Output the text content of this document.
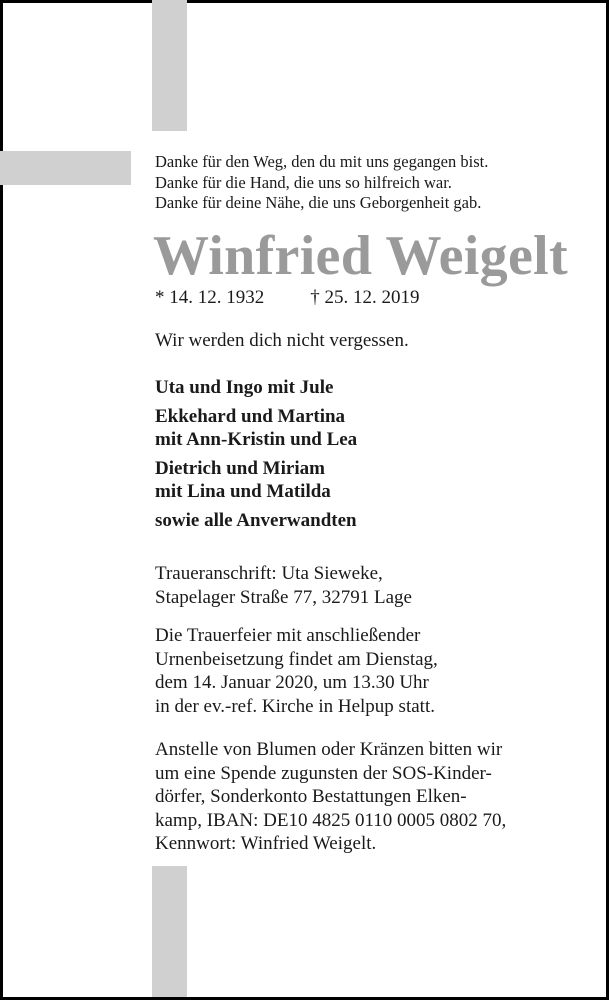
Danke für den Weg, den du mit uns gegangen bist.
Danke für die Hand, die uns so hilfreich war.
Danke für deine Nähe, die uns Geborgenheit gab.
Winfried Weigelt
* 14. 12. 1932 † 25. 12. 2019
Wir werden dich nicht vergessen.
Uta und Ingo mit Jule
Ekkehard und Martina
mit Ann-Kristin und Lea
Dietrich und Miriam
mit Lina und Matilda
sowie alle Anverwandten
Traueranschrift: Uta Sieweke,
Stapelager Straße 77, 32791 Lage
Die Trauerfeier mit anschließender
Urnenbeisetzung findet am Dienstag,
dem 14. Januar 2020, um 13.30 Uhr
in der ev.-ref. Kirche in Helpup statt.
Anstelle von Blumen oder Kränzen bitten wir
um eine Spende zugunsten der SOS-Kinder-
dörfer, Sonderkonto Bestattungen Elken-
kamp, IBAN: DE10 4825 0110 0005 0802 70,
Kennwort: Winfried Weigelt.
